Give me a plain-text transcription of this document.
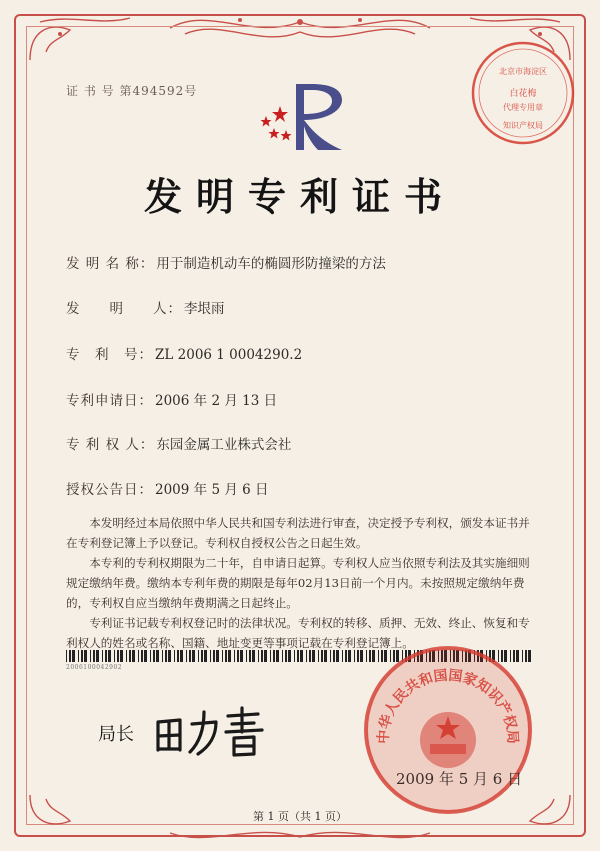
证 书 号 第494592号
北京市海淀区
白花梅
代理专用章
知识产权局
发明专利证书
发 明 名 称： 用于制造机动车的椭圆形防撞梁的方法
发　　明　　人： 李垠雨
专　利　号： ZL 2006 1 0004290.2
专利申请日： 2006 年 2 月 13 日
专 利 权 人： 东园金属工业株式会社
授权公告日： 2009 年 5 月 6 日

本发明经过本局依照中华人民共和国专利法进行审查，决定授予专利权，颁发本证书并在专利登记簿上予以登记。专利权自授权公告之日起生效。

本专利的专利权期限为二十年，自申请日起算。专利权人应当依照专利法及其实施细则规定缴纳年费。缴纳本专利年费的期限是每年02月13日前一个月内。未按照规定缴纳年费的，专利权自应当缴纳年费期满之日起终止。

专利证书记载专利权登记时的法律状况。专利权的转移、质押、无效、终止、恢复和专利权人的姓名或名称、国籍、地址变更等事项记载在专利登记簿上。

2006100042902
局长	中华人民共和国国家知识产权局
2009 年 5 月 6 日
第 1 页（共 1 页）
